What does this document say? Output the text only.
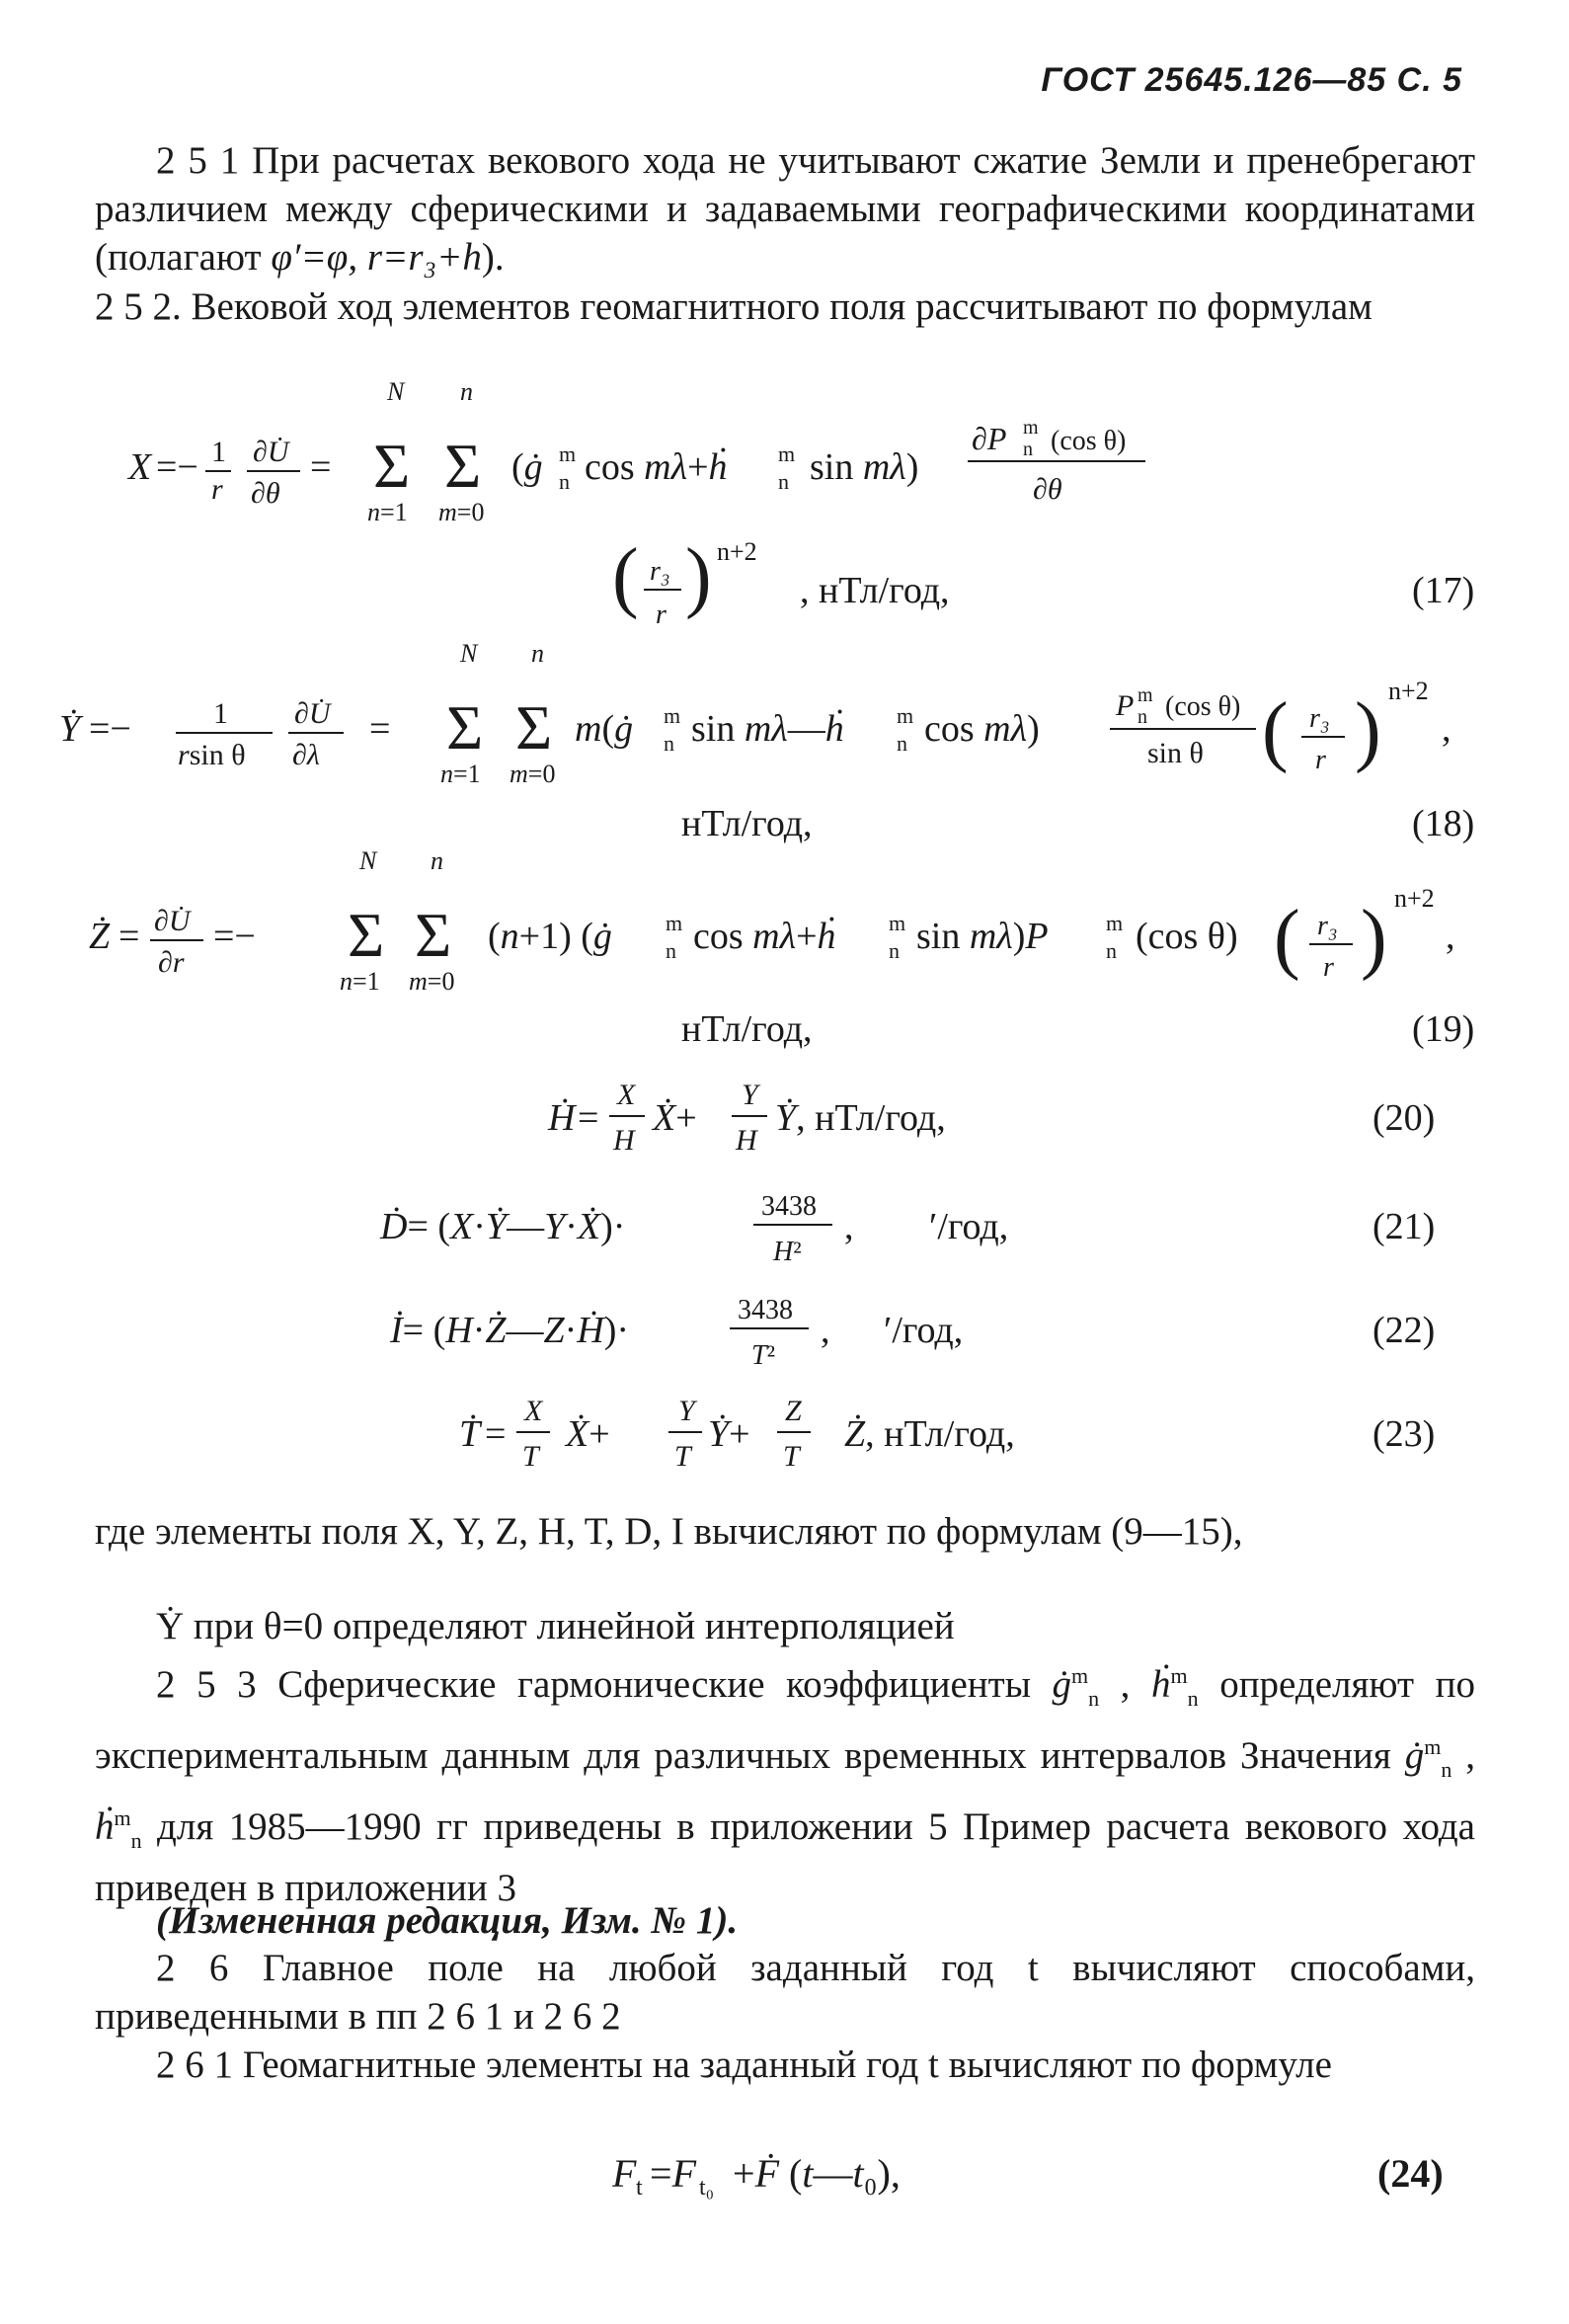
ГОСТ 25645.126—85 С. 5
2 5 1 При расчетах векового хода не учитывают сжатие Земли и пренебрегают различием между сферическими и задаваемыми географическими координатами (полагают φ′=φ, r=r₃+h).
2 5 2. Вековой ход элементов геомагнитного поля рассчитывают по формулам
X =− 1
r
∂U̇
∂θ
=
N
Σ
n=1
n
Σ
m=0
(ġ m
n cos mλ+ḣ m
n sin mλ)
∂P m
n (cos θ)
∂θ
( r₃
r ) n+2
, нТл/год,	(17)
Ẏ =−	1
rsin θ
∂U̇
∂λ
=
N
Σ
n=1
n
Σ
m=0
m(ġ m
n sin mλ—ḣ m
n cos mλ)
P m
n (cos θ)
sin θ ( r₃
r ) n+2
,
нТл/год,	(18)
Ż = ∂U̇
∂r
=−
N
Σ
n=1
n
Σ
m=0
(n+1) (ġ m
n cos mλ+ḣ m
n sin mλ)P	m
n (cos θ) ( r₃
r ) n+2
,
нТл/год,	(19)
Ḣ =
X
H
Ẋ+
Y
H
Ẏ, нТл/год,	(20)
Ḋ= (X·Ẏ—Y·Ẋ)·	3438
H²
, ′/год,	(21)
İ= (H·Ż—Z·Ḣ)·	3438
T²
, ′/год,	(22)
Ṫ =
X
T
Ẋ+
Y
T
Ẏ+
Z
T
Ż, нТл/год,	(23)
где элементы поля X, Y, Z, H, T, D, I вычисляют по формулам (9—15),
Ẏ при θ=0 определяют линейной интерполяцией
2 5 3 Сферические гармонические коэффициенты $ġ^m_n$ , ḣ$^m_n$ определяют по экспериментальным данным для различных временных интервалов Значения $ġ^m_n$ , ḣ$^m_n$ для 1985—1990 гг приведены в приложении 5 Пример расчета векового хода приведен в приложении 3
(Измененная редакция, Изм. № 1).
2 6 Главное поле на любой заданный год t вычисляют способами, приведенными в пп 2 6 1 и 2 6 2
2 6 1 Геомагнитные элементы на заданный год t вычисляют по формуле
F t =F t₀ +Ḟ (t—t₀),	(24)
